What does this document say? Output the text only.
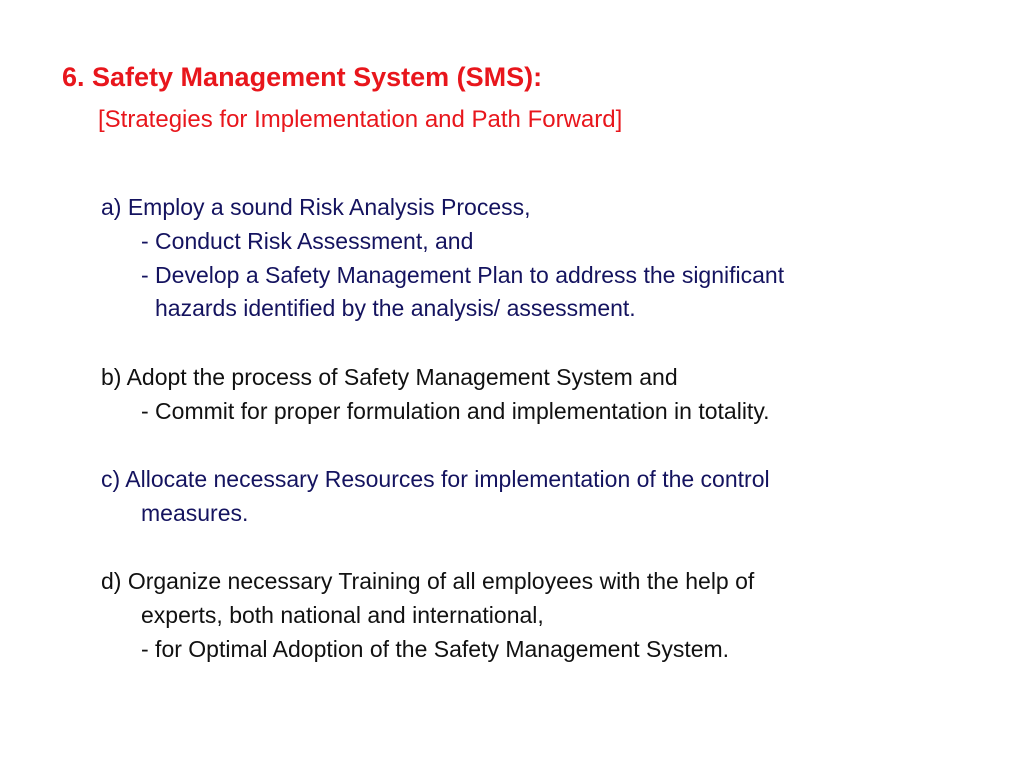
6. Safety Management System (SMS):
[Strategies for Implementation and Path Forward]
a) Employ a sound Risk Analysis Process,
- Conduct Risk Assessment, and
- Develop a Safety Management Plan to address the significant
hazards identified by the analysis/ assessment.
b) Adopt the process of Safety Management System and
- Commit for proper formulation and implementation in totality.
c) Allocate necessary Resources for implementation of the control
measures.
d) Organize necessary Training of all employees with the help of
experts, both national and international,
- for Optimal Adoption of the Safety Management System.
